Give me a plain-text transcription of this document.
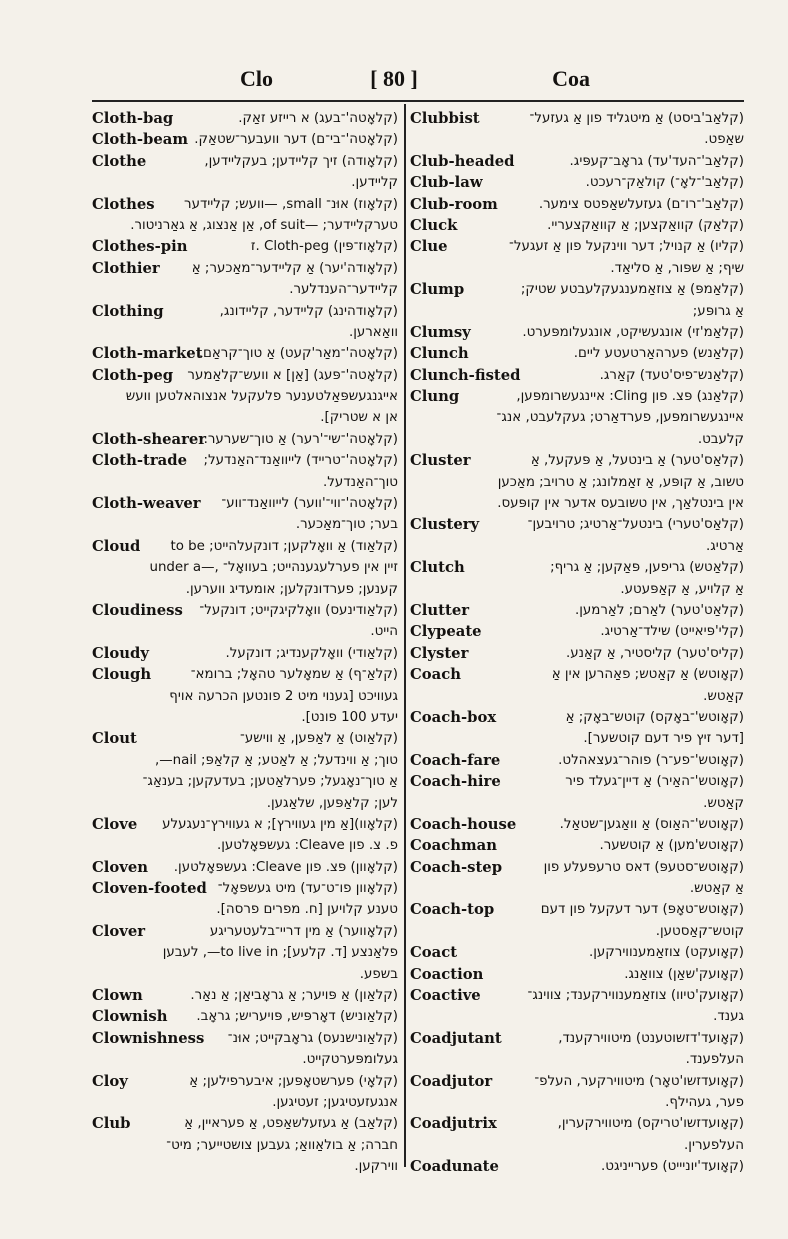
Clo	[ 80 ]	Coa
Cloth-bag	(קלאָטה'־בעג) א רייזע זאַק.
Cloth-beam (קלאָטה'־בי־ם) דער וועבער־שטאַק.
Clothe	(קלאָודה) זיך קליידען; בעקליידען,
קליידען.
Clothes (קלאָוז) אוּנ־ small, —וועש; קליידער
טערקליידער; —of suit, אַן אַנצוג, אַ גאַרניטור.
Clothes-pin	(קלאָוז־פּין) Cloth-peg .ז
Clothier (קלאָודה'יער) אַ קליידער־מאַכער; אַ
קליידער־הענדלער.
Clothing	(קלאָודהינג) קליידער, קליידונג,
וואַארען.
Cloth-market
(קלאָטה'־מאַר'קעט) אַ טוך־קראַם.
Cloth-peg (קלאָטה'־פּעג) [אַן] א וועש־קלאַמער
אייגנגעשפּאַלטענער פלעקעל אנצוהאלטען וועש
אן א שטריק].
Cloth-shearer
(קלאָטה'־שי־'רער) אַ טוך־שערער.
Cloth-trade (קלאָטה'־טרייד) לייוואַנד־האַנדעל;
טוך־האַנדעל.
Cloth-weaver (קלאָטה'־ווי־'ווער) לייוואַנד־ווע־
בער; טוך־מאַכער.
Cloud (קלאַוד) אַ וואָלקען; דונקעלהייט; to be
under a—, זיין אין פערלעגענהייט; בעוואָל־
קענען; פערדונקלען; אומעדיג ווערען.
Cloudiness (קלאַודינעס) וואָלקיגקייט; דונקעל־
הייט.
Cloudy	(קלאַודי) וואָלקענדיג; דונקעל.
Clough	(קלאַ־ף) אַ שמאָלער טהאָל; ברומא־
געוויכט [גענוי מיט 2 פונטען הכרעה אויף
יעדע 100 פונט].
Clout	(קלאַוט) אַ לאַפּען, אַ ווישע־
טוך; אַ ווינדעל; אַ לאַטע; אַ קלאַפּ; nail—,
אַ טוך־נאָגעל; פערלאַטען; בעדעקען; בענאַג־
לען; קלאַפּען, שלאַגען.
Clove (קלאָוו)[אַ מין געווירץ]; א געווירץ־נעגעלע
פ. צ. פון Cleave: געשפּאָלטען.
Cloven (קלאָוון) פּצ. פון Cleave: געשפּאָלטען.
Cloven-footed (קלאָוון פו־ט־עד) מיט געשפּאָל־
טענע קלויען [ח. מפרים פרסה].
Clover	(קלאָווער) אַ מין דריי־בלעטעריגע
פלאַנצע [ד. קלעע]; to live in—, לעבען
בשפע.
Clown	(קלאַון) אַ פּויער; אַ גראָביאַן; אַ נאַר.
Clownish (קלאַוניש) דאָרפּיש, פּויעריש; גראָב.
Clownishness (קלאַונישנעס) גראָבקייט; אוּנ־
געלומפּערטקייט.
Cloy	(קלאָי) פערשטאָפּען; איבערפילען; אַ
אנגעזעטיגען; זעטיגען.
Club	(קלאַב) אַ געזעלשאַפט, אַ פעראיין, אַ
חברה; אַ בולאַוואַ; געבען צושטייער; מיט־
ווירקען.
Clubbist	(קלאַב'ביסט) אַ מיטגליד פון אַ געזעל־
שאַפט.
Club-headed	(קלאַב'־העד'עד) גראָב־קעפּיג.
Club-law	(קלאַב'־לאָ־) קולאַק־רעכט.
Club-room	(קלאַב'־רו־ם) געזעלשאַפטס צימער.
Cluck	(קלאַק) קוואַקצען; אַ קוואַקצעריי.
Clue	(קליו) אַ קנויל; דער ווינקעל פון אַ זעגעל־
שיף; אַ שפּור, אַ סליאַד.
Clump	(קלאַמפּ) אַ צוזאַמענגעקלעבטע שטיק;
אַ גרופּע;
Clumsy	(קלאַמ'זי) אונגעשיקט, אונגעלומפּערט.
Clunch	(קלאַנש) פערהאַרטעטע ליים.
Clunch-fisted	(קלאַנש־פיס'טעד) קאַרג.
Clung	(קלאַנג) פּצ. פון Cling: איינגעשרומפּען,
איינגעשרומפּען, פערדאַרט; געקלעבט, אנג־
קלעבט.
Cluster	(קלאַס'טער) אַ בינטעל, אַ פּעקעל, אַ
טשוב, אַ קופּע, אַ זאַמלונג; אַ טרויב; מאַכען
אין בינטלאַך, אין טשובעס אדער אין קופּעס.
Clustery	(קלאַס'טערי) בינטעל־אַרטיג; טרויבען־
אַרטיג.
Clutch	(קלאַטש) גריפען, פּאַקען; אַ גריף;
אַ קלויע, אַ קאַפּעטע.
Clutter	(קלאַט'טער) לאַרם; לאַרמען.
Clypeate	(קלי'פּיאייט) שילד־אַרטיג.
Clyster	(קליס'טער) קליסטיר, אַ קאַנע.
Coach	(קאָוטש) אַ קאַטש; פאַהרען אין אַ
קאַטש.
Coach-box	(קאָוטש'־באָקס) קוטש־באָק; אַ
[דער זיץ פיר דעם קוטשער].
Coach-fare	(קאָוטש'־פע־ר) פוהר־געצאהלט.
Coach-hire	(קאָוטש'־האַיר) אַ דיין־געלד פיר
קאַטש.
Coach-house	(קאָוטש'־האַוס) אַ וואַגען־שטאַל.
Coachman	(קאָוטש'מען) אַ קוטשער.
Coach-step	(קאָוטש־סטעפּ) דאס טרעפּעלע פון
אַ קאַטש.
Coach-top	(קאָוטש־טאָפּ) דער דעקעל פון דעם
קוטש־קאַסטען.
Coact	(קאָועקט) צוזאַמענווירקען.
Coaction	(קאָועק'שאַן) צוואַנג.
Coactive	(קאָועק'טיוו) צוזאַמענווירקענד; צווינג־
גענד.
Coadjutant	(קאָועד'דזשוטענט) מיטווירקענד,
העלפענד.
Coadjutor	(קאָועדזשו'טאָר) מיטווירקער, העלפ־
פער, געהילף.
Coadjutrix	(קאָועדזשו'טריקס) מיטווירקערין,
העלפערין.
Coadunate	(קאָועד'יוניייט) פערייניגט.
